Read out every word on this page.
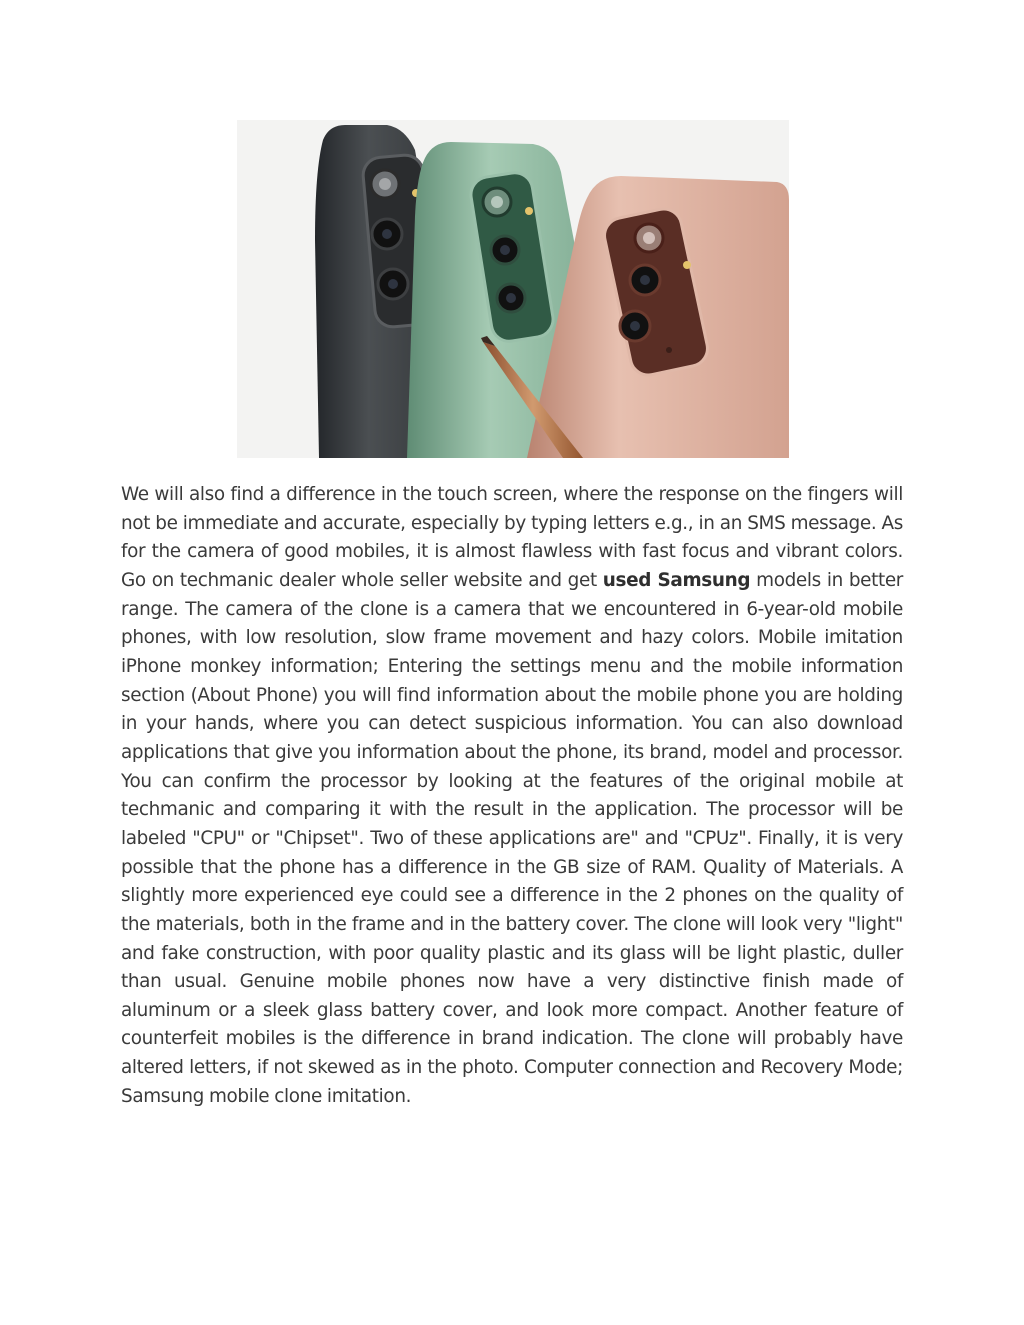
We will also find a difference in the touch screen, where the response on the fingers will not be immediate and accurate, especially by typing letters e.g., in an SMS message. As for the camera of good mobiles, it is almost flawless with fast focus and vibrant colors. Go on techmanic dealer whole seller website and get used Samsung models in better range. The camera of the clone is a camera that we encountered in 6-year-old mobile phones, with low resolution, slow frame movement and hazy colors. Mobile imitation iPhone monkey information; Entering the settings menu and the mobile information section (About Phone) you will find information about the mobile phone you are holding in your hands, where you can detect suspicious information. You can also download applications that give you information about the phone, its brand, model and processor. You can confirm the processor by looking at the features of the original mobile at techmanic and comparing it with the result in the application. The processor will be labeled "CPU" or "Chipset". Two of these applications are" and "CPUz". Finally, it is very possible that the phone has a difference in the GB size of RAM. Quality of Materials. A slightly more experienced eye could see a difference in the 2 phones on the quality of the materials, both in the frame and in the battery cover. The clone will look very "light" and fake construction, with poor quality plastic and its glass will be light plastic, duller than usual. Genuine mobile phones now have a very distinctive finish made of aluminum or a sleek glass battery cover, and look more compact. Another feature of counterfeit mobiles is the difference in brand indication. The clone will probably have altered letters, if not skewed as in the photo. Computer connection and Recovery Mode; Samsung mobile clone imitation.
